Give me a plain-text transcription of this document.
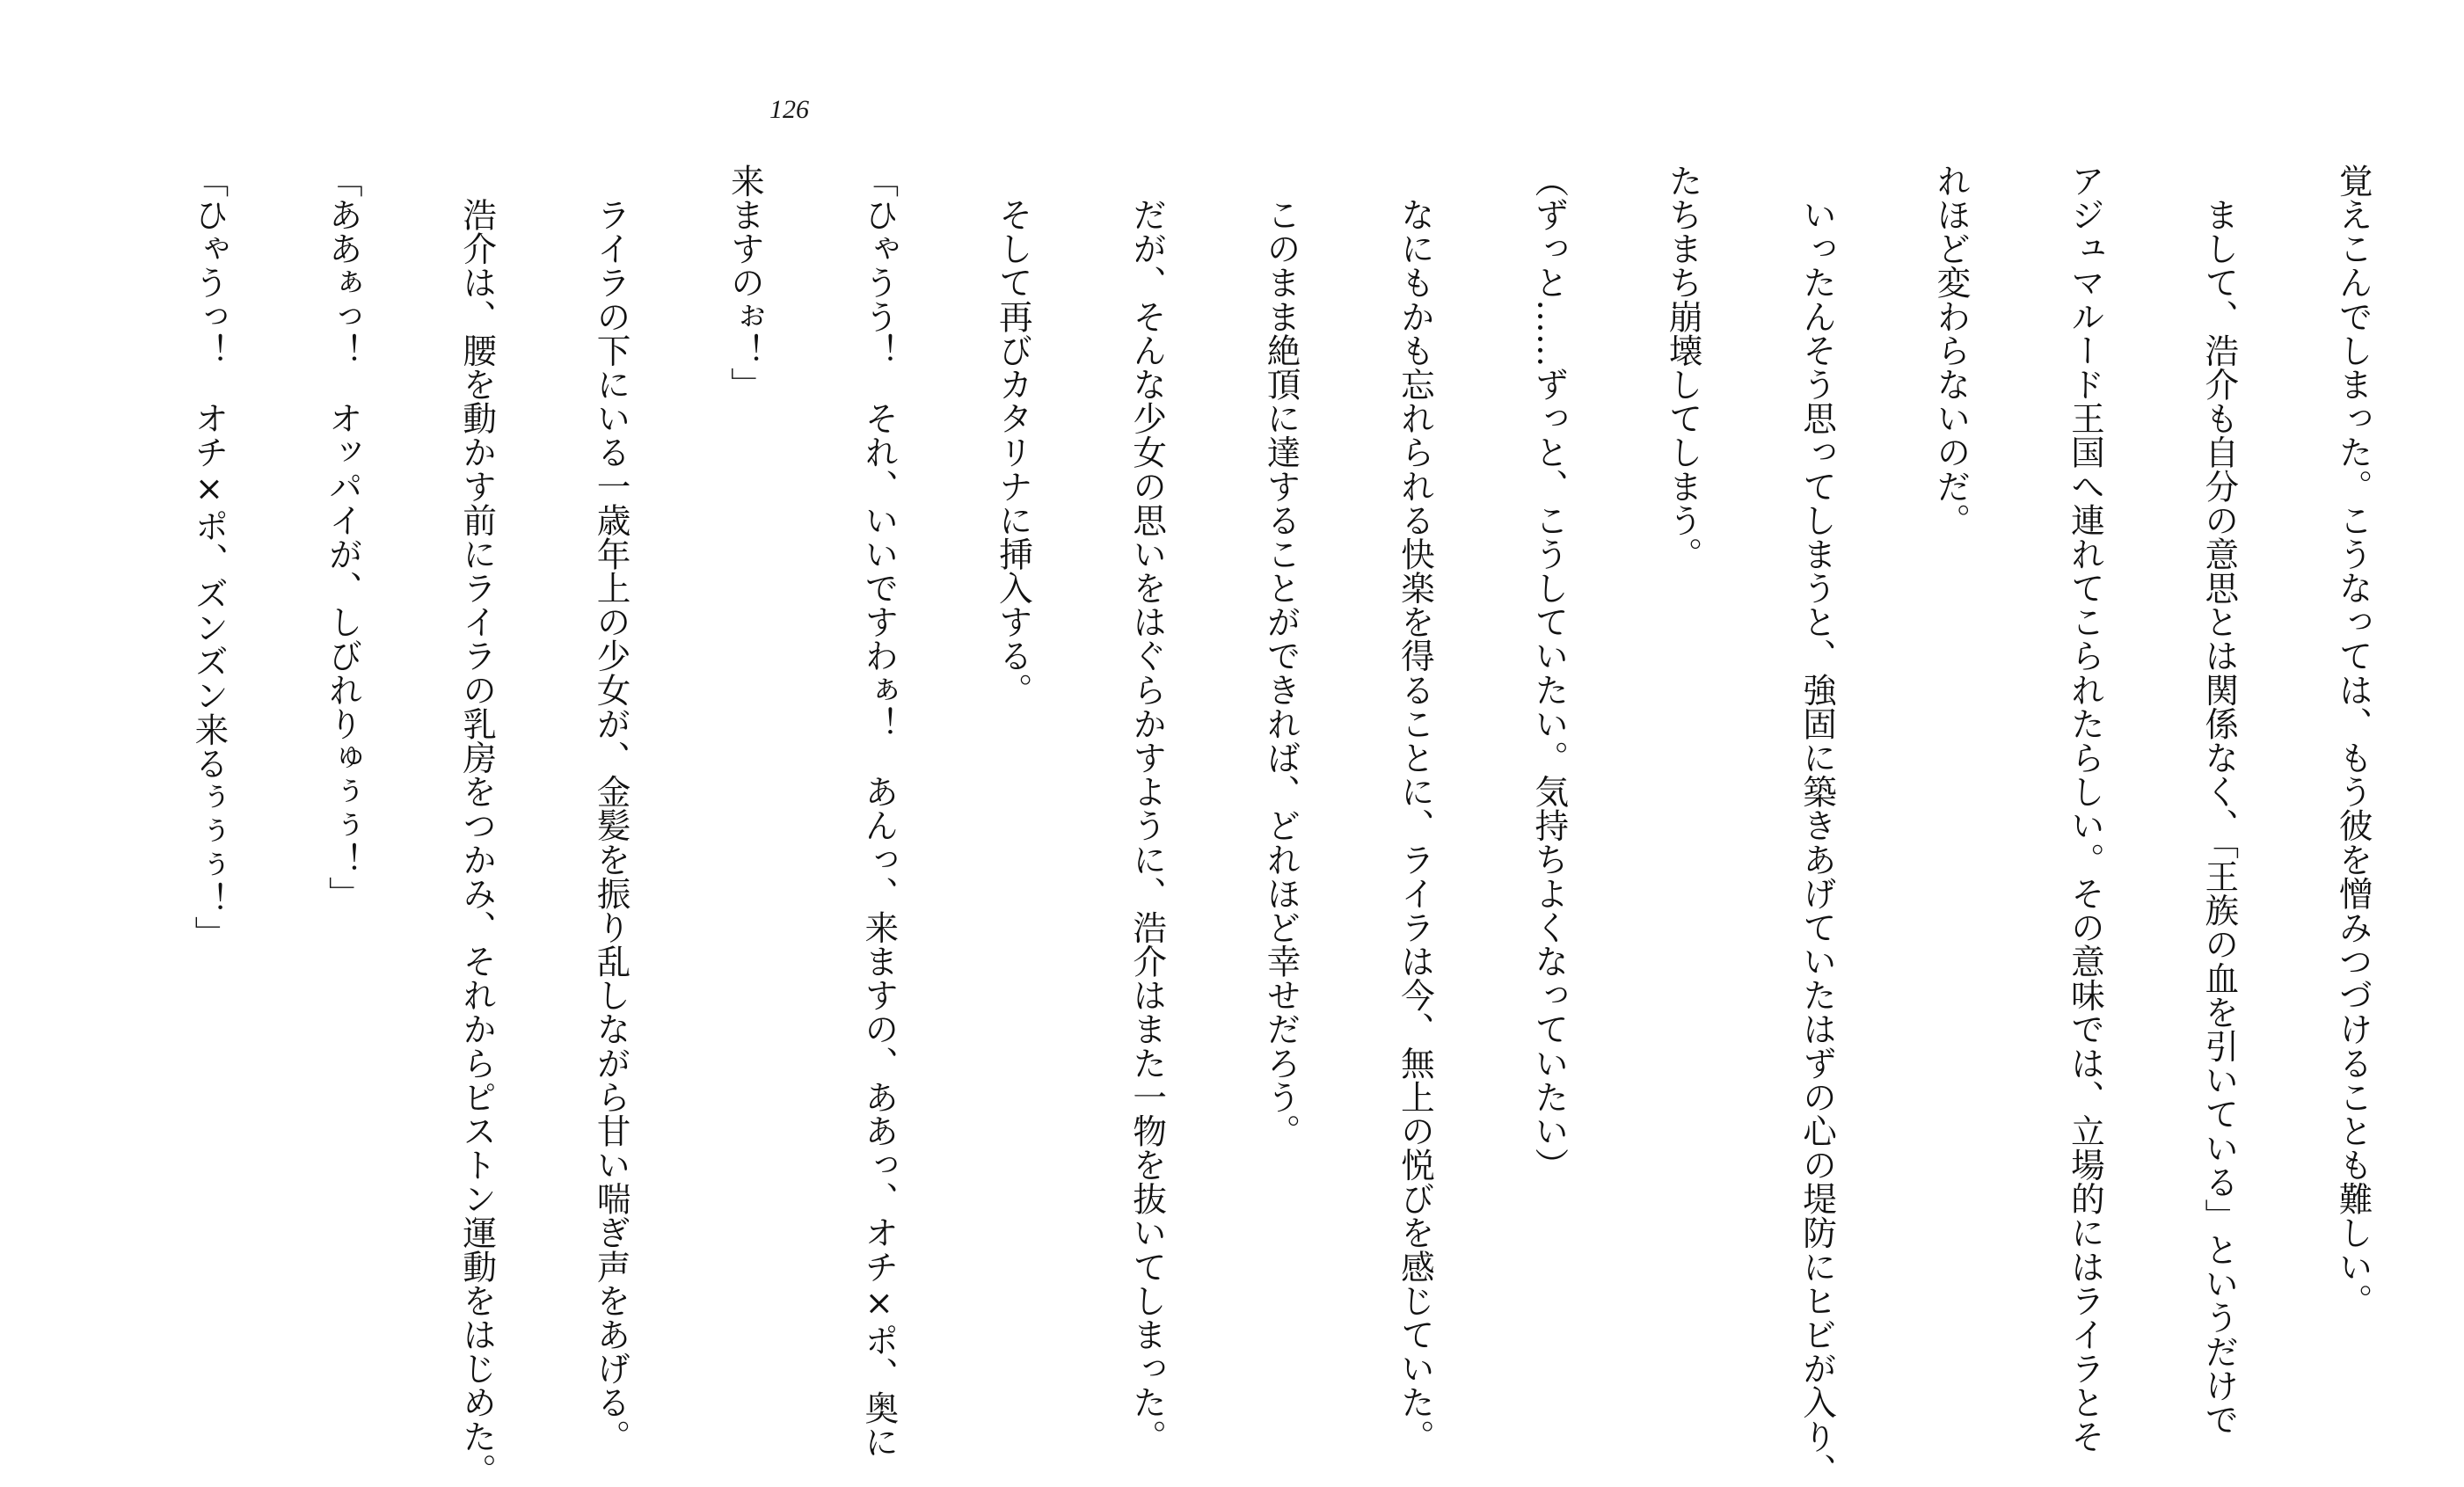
126

覚えこんでしまった。こうなっては、もう彼を憎みつづけることも難しい。

　まして、浩介も自分の意思とは関係なく、「王族の血を引いている」というだけで

アジュマルード王国へ連れてこられたらしい。その意味では、立場的にはライラとそ

れほど変わらないのだ。

　いったんそう思ってしまうと、強固に築きあげていたはずの心の堤防にヒビが入り、

たちまち崩壊してしまう。

（ずっと……ずっと、こうしていたい。気持ちよくなっていたい）

　なにもかも忘れられる快楽を得ることに、ライラは今、無上の悦びを感じていた。

　このまま絶頂に達することができれば、どれほど幸せだろう。

　だが、そんな少女の思いをはぐらかすように、浩介はまた一物を抜いてしまった。

　そして再びカタリナに挿入する。

「ひゃうう！　それ、いいですわぁ！　あんっ、来ますの、ああっ、オチ×ポ、奥に

来ますのぉ！」

　ライラの下にいる一歳年上の少女が、金髪を振り乱しながら甘い喘ぎ声をあげる。

　浩介は、腰を動かす前にライラの乳房をつかみ、それからピストン運動をはじめた。

「ああぁっ！　オッパイが、しびれりゅぅぅ！」

「ひゃうっ！　オチ×ポ、ズンズン来るぅぅぅ！」
